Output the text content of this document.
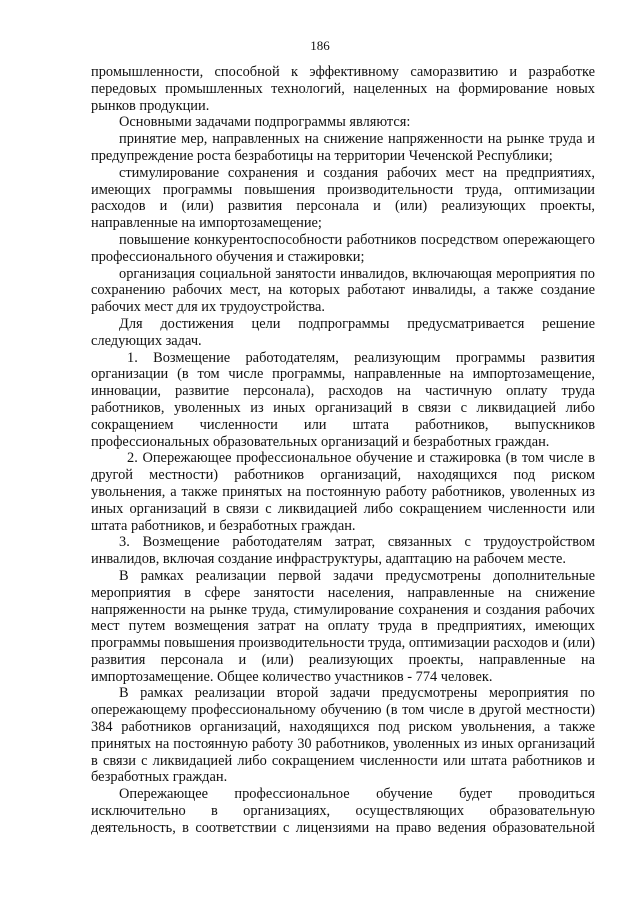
186

промышленности, способной к эффективному саморазвитию и разработке передовых промышленных технологий, нацеленных на формирование новых рынков продукции.

Основными задачами подпрограммы являются:

принятие мер, направленных на снижение напряженности на рынке труда и предупреждение роста безработицы на территории Чеченской Республики;

стимулирование сохранения и создания рабочих мест на предприятиях, имеющих программы повышения производительности труда, оптимизации расходов и (или) развития персонала и (или) реализующих проекты, направленные на импортозамещение;

повышение конкурентоспособности работников посредством опережающего профессионального обучения и стажировки;

организация социальной занятости инвалидов, включающая мероприятия по сохранению рабочих мест, на которых работают инвалиды, а также создание рабочих мест для их трудоустройства.

Для достижения цели подпрограммы предусматривается решение следующих задач.

1. Возмещение работодателям, реализующим программы развития организации (в том числе программы, направленные на импортозамещение, инновации, развитие персонала), расходов на частичную оплату труда работников, уволенных из иных организаций в связи с ликвидацией либо сокращением численности или штата работников, выпускников профессиональных образовательных организаций и безработных граждан.

2. Опережающее профессиональное обучение и стажировка (в том числе в другой местности) работников организаций, находящихся под риском увольнения, а также принятых на постоянную работу работников, уволенных из иных организаций в связи с ликвидацией либо сокращением численности или штата работников, и безработных граждан.

3. Возмещение работодателям затрат, связанных с трудоустройством инвалидов, включая создание инфраструктуры, адаптацию на рабочем месте.

В рамках реализации первой задачи предусмотрены дополнительные мероприятия в сфере занятости населения, направленные на снижение напряженности на рынке труда, стимулирование сохранения и создания рабочих мест путем возмещения затрат на оплату труда в предприятиях, имеющих программы повышения производительности труда, оптимизации расходов и (или) развития персонала и (или) реализующих проекты, направленные на импортозамещение. Общее количество участников - 774 человек.

В рамках реализации второй задачи предусмотрены мероприятия по опережающему профессиональному обучению (в том числе в другой местности) 384 работников организаций, находящихся под риском увольнения, а также принятых на постоянную работу 30 работников, уволенных из иных организаций в связи с ликвидацией либо сокращением численности или штата работников и безработных граждан.

Опережающее профессиональное обучение будет проводиться исключительно в организациях, осуществляющих образовательную деятельность, в соответствии с лицензиями на право ведения образовательной
